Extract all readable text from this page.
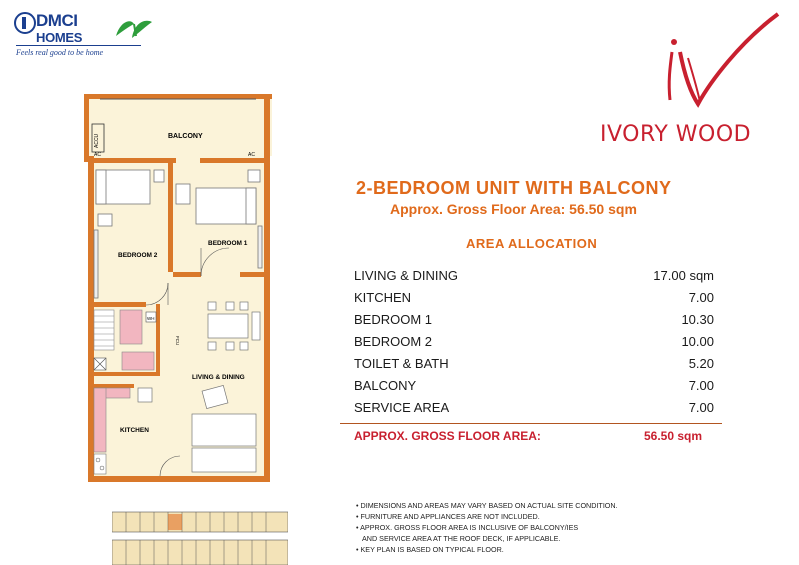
DMCI
HOMES
Feels real good to be home
IVORY WOOD
2-BEDROOM UNIT WITH BALCONY
Approx. Gross Floor Area: 56.50 sqm
AREA ALLOCATION
LIVING & DINING	17.00 sqm
KITCHEN	7.00
BEDROOM 1	10.30
BEDROOM 2	10.00
TOILET & BATH	5.20
BALCONY	7.00
SERVICE AREA	7.00
APPROX. GROSS FLOOR AREA:	56.50 sqm
• DIMENSIONS AND AREAS MAY VARY BASED ON ACTUAL SITE CONDITION.
• FURNITURE AND APPLIANCES ARE NOT INCLUDED.
• APPROX. GROSS FLOOR AREA IS INCLUSIVE OF BALCONY/IES
AND SERVICE AREA AT THE ROOF DECK, IF APPLICABLE.
• KEY PLAN IS BASED ON TYPICAL FLOOR.
ACCU
AC	AC
BALCONY
BEDROOM 2
BEDROOM 1
WH
FCU
KITCHEN
LIVING & DINING
